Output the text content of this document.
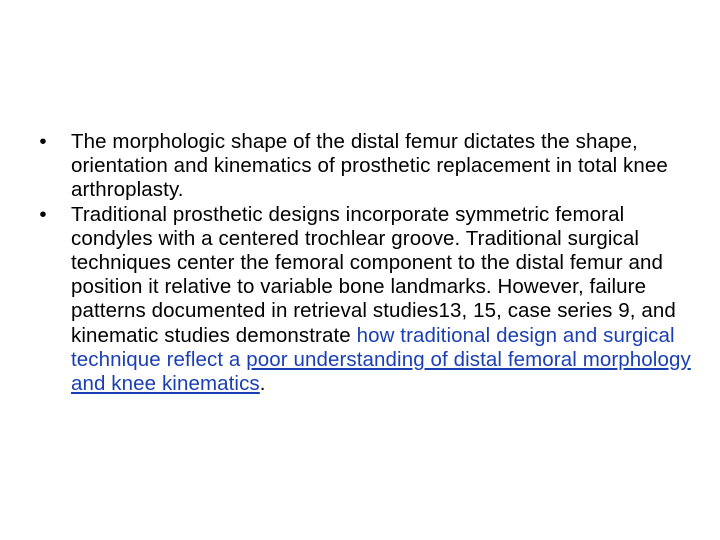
• The morphologic shape of the distal femur dictates the shape, orientation and kinematics of prosthetic replacement in total knee arthroplasty.
• Traditional prosthetic designs incorporate symmetric femoral condyles with a centered trochlear groove. Traditional surgical techniques center the femoral component to the distal femur and position it relative to variable bone landmarks. However, failure patterns documented in retrieval studies13, 15, case series 9, and kinematic studies demonstrate how traditional design and surgical technique reflect a poor understanding of distal femoral morphology and knee kinematics.
